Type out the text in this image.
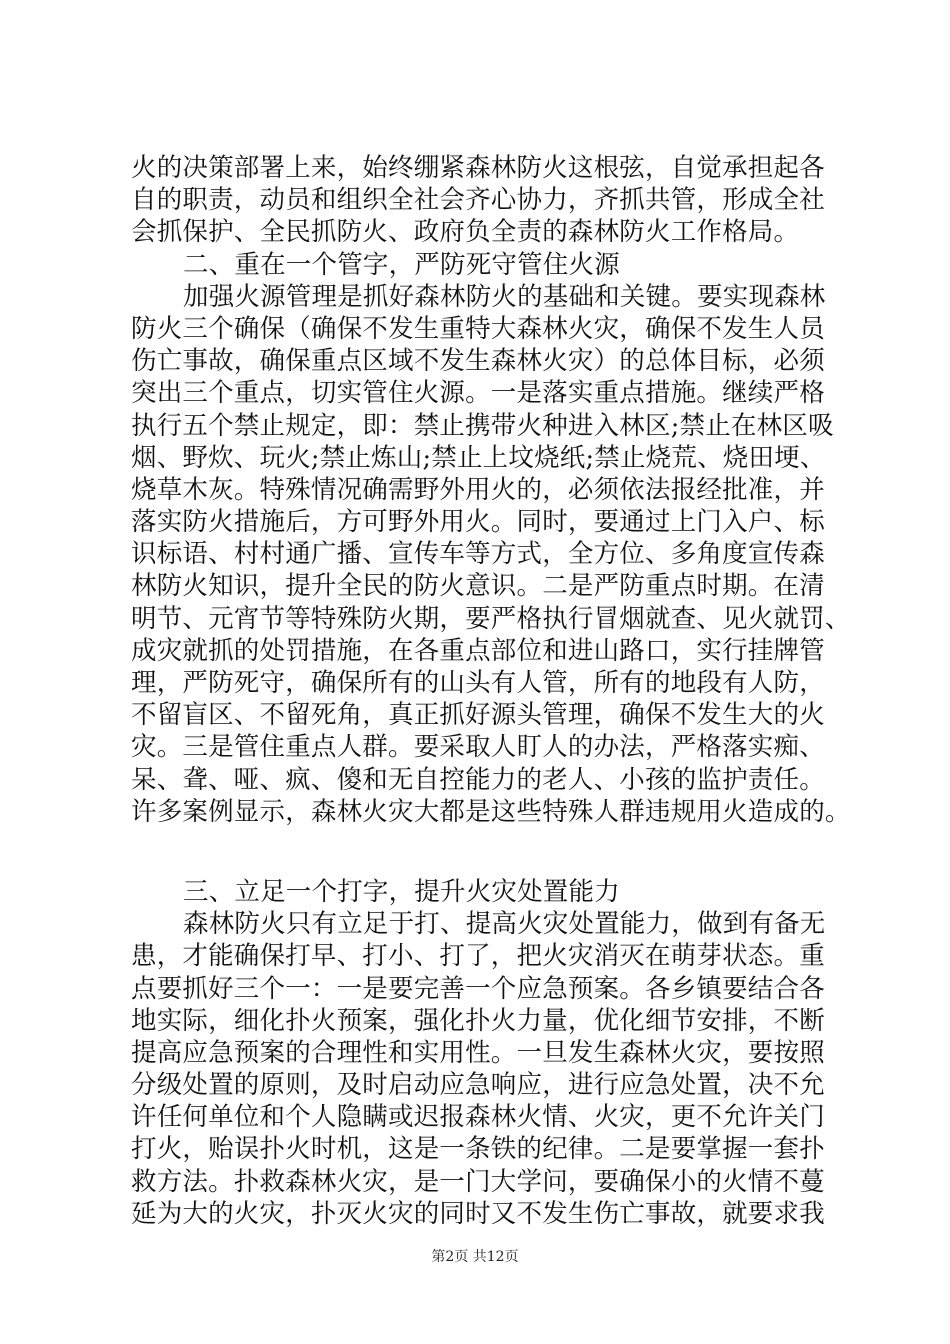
火的决策部署上来，始终绷紧森林防火这根弦，自觉承担起各
自的职责，动员和组织全社会齐心协力，齐抓共管，形成全社
会抓保护、全民抓防火、政府负全责的森林防火工作格局。
二、重在一个管字，严防死守管住火源
加强火源管理是抓好森林防火的基础和关键。要实现森林
防火三个确保（确保不发生重特大森林火灾，确保不发生人员
伤亡事故，确保重点区域不发生森林火灾）的总体目标，必须
突出三个重点，切实管住火源。一是落实重点措施。继续严格
执行五个禁止规定，即：禁止携带火种进入林区;禁止在林区吸
烟、野炊、玩火;禁止炼山;禁止上坟烧纸;禁止烧荒、烧田埂、
烧草木灰。特殊情况确需野外用火的，必须依法报经批准，并
落实防火措施后，方可野外用火。同时，要通过上门入户、标
识标语、村村通广播、宣传车等方式，全方位、多角度宣传森
林防火知识，提升全民的防火意识。二是严防重点时期。在清
明节、元宵节等特殊防火期，要严格执行冒烟就查、见火就罚、
成灾就抓的处罚措施，在各重点部位和进山路口，实行挂牌管
理，严防死守，确保所有的山头有人管，所有的地段有人防，
不留盲区、不留死角，真正抓好源头管理，确保不发生大的火
灾。三是管住重点人群。要采取人盯人的办法，严格落实痴、
呆、聋、哑、疯、傻和无自控能力的老人、小孩的监护责任。
许多案例显示，森林火灾大都是这些特殊人群违规用火造成的。
三、立足一个打字，提升火灾处置能力
森林防火只有立足于打、提高火灾处置能力，做到有备无
患，才能确保打早、打小、打了，把火灾消灭在萌芽状态。重
点要抓好三个一：一是要完善一个应急预案。各乡镇要结合各
地实际，细化扑火预案，强化扑火力量，优化细节安排，不断
提高应急预案的合理性和实用性。一旦发生森林火灾，要按照
分级处置的原则，及时启动应急响应，进行应急处置，决不允
许任何单位和个人隐瞒或迟报森林火情、火灾，更不允许关门
打火，贻误扑火时机，这是一条铁的纪律。二是要掌握一套扑
救方法。扑救森林火灾，是一门大学问，要确保小的火情不蔓
延为大的火灾，扑灭火灾的同时又不发生伤亡事故，就要求我
第2页 共12页
